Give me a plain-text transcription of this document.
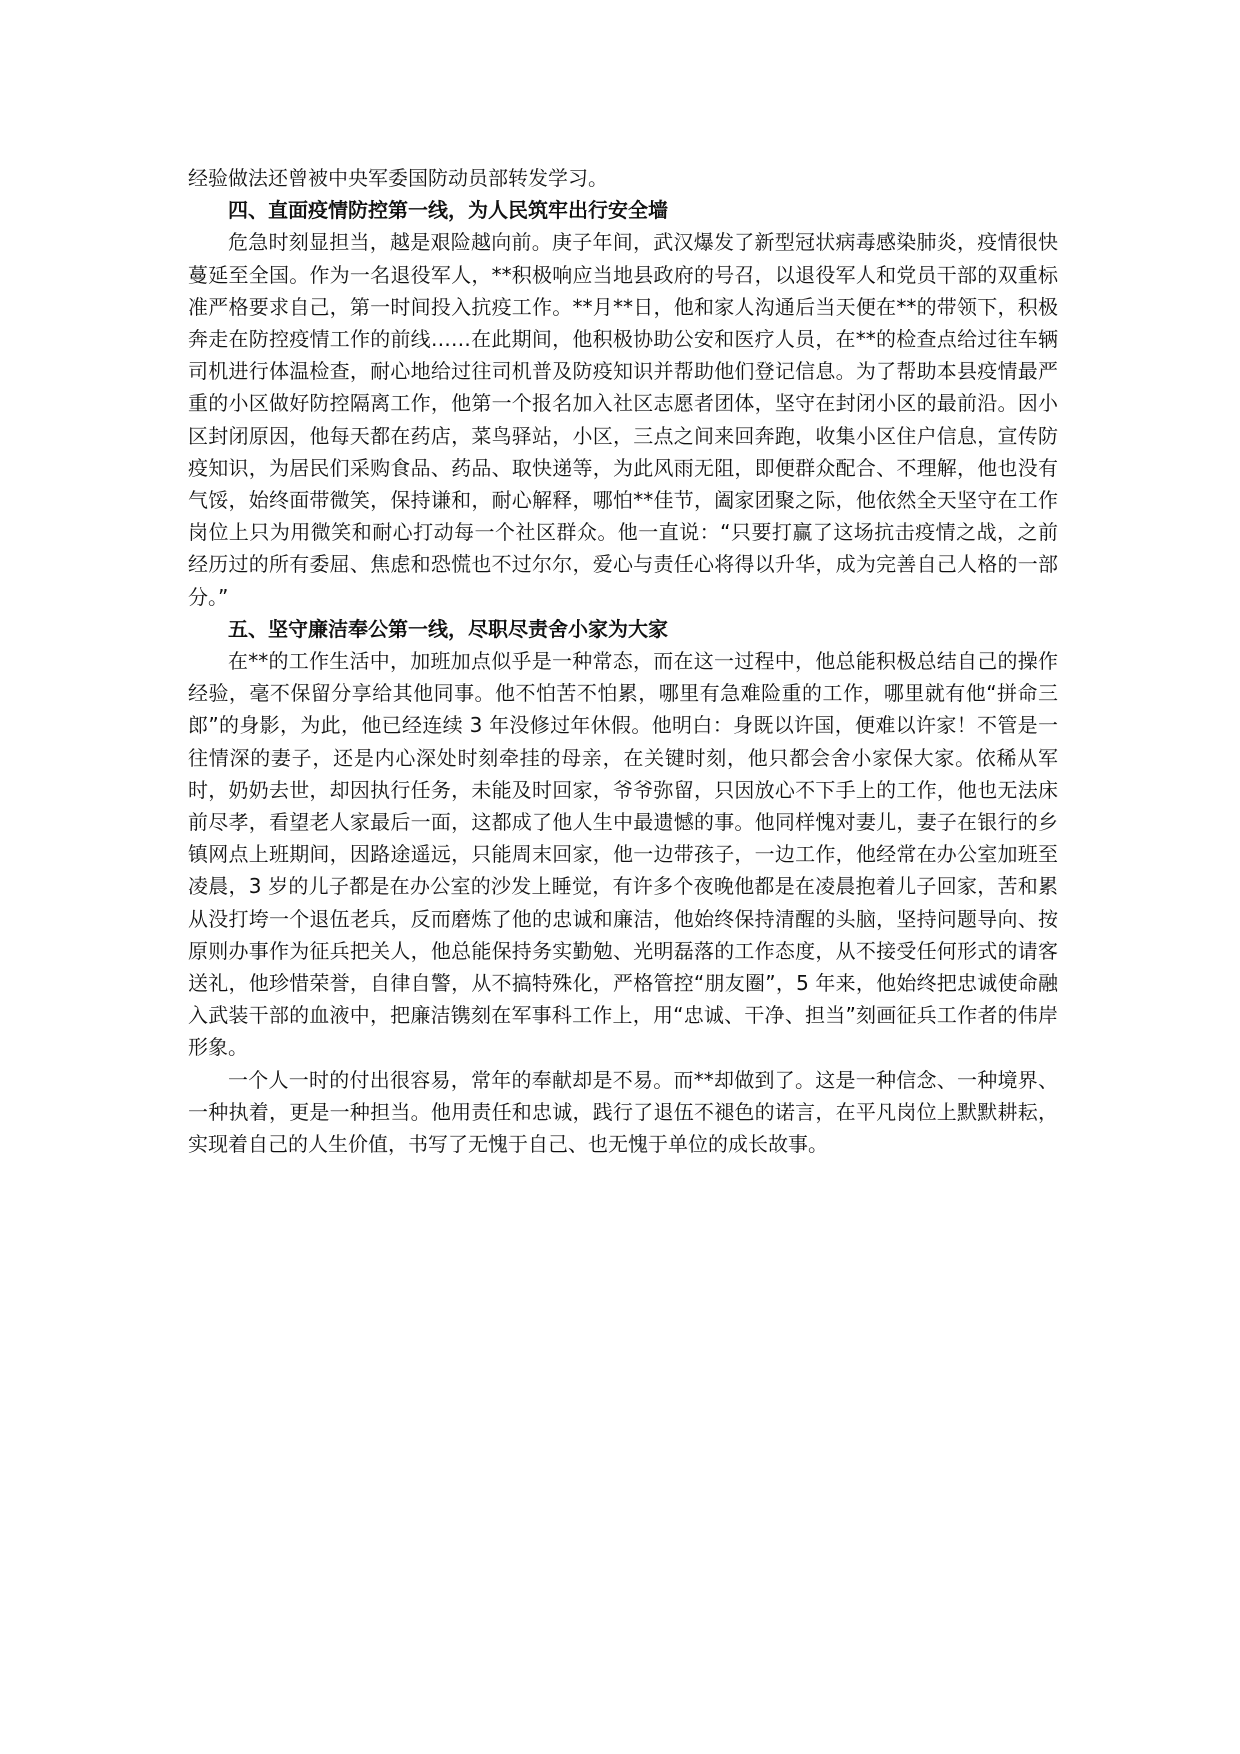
经验做法还曾被中央军委国防动员部转发学习。

四、直面疫情防控第一线，为人民筑牢出行安全墙

危急时刻显担当，越是艰险越向前。庚子年间，武汉爆发了新型冠状病毒感染肺炎，疫情很快蔓延至全国。作为一名退役军人，**积极响应当地县政府的号召，以退役军人和党员干部的双重标准严格要求自己，第一时间投入抗疫工作。**月**日，他和家人沟通后当天便在**的带领下，积极奔走在防控疫情工作的前线……在此期间，他积极协助公安和医疗人员，在**的检查点给过往车辆司机进行体温检查，耐心地给过往司机普及防疫知识并帮助他们登记信息。为了帮助本县疫情最严重的小区做好防控隔离工作，他第一个报名加入社区志愿者团体，坚守在封闭小区的最前沿。因小区封闭原因，他每天都在药店，菜鸟驿站，小区，三点之间来回奔跑，收集小区住户信息，宣传防疫知识，为居民们采购食品、药品、取快递等，为此风雨无阻，即便群众配合、不理解，他也没有气馁，始终面带微笑，保持谦和，耐心解释，哪怕**佳节，阖家团聚之际，他依然全天坚守在工作岗位上只为用微笑和耐心打动每一个社区群众。他一直说：“只要打赢了这场抗击疫情之战，之前经历过的所有委屈、焦虑和恐慌也不过尔尔，爱心与责任心将得以升华，成为完善自己人格的一部分。”

五、坚守廉洁奉公第一线，尽职尽责舍小家为大家

在**的工作生活中，加班加点似乎是一种常态，而在这一过程中，他总能积极总结自己的操作经验，毫不保留分享给其他同事。他不怕苦不怕累，哪里有急难险重的工作，哪里就有他“拼命三郎”的身影，为此，他已经连续 3 年没修过年休假。他明白：身既以许国，便难以许家！不管是一往情深的妻子，还是内心深处时刻牵挂的母亲，在关键时刻，他只都会舍小家保大家。依稀从军时，奶奶去世，却因执行任务，未能及时回家，爷爷弥留，只因放心不下手上的工作，他也无法床前尽孝，看望老人家最后一面，这都成了他人生中最遗憾的事。他同样愧对妻儿，妻子在银行的乡镇网点上班期间，因路途遥远，只能周末回家，他一边带孩子，一边工作，他经常在办公室加班至凌晨，3 岁的儿子都是在办公室的沙发上睡觉，有许多个夜晚他都是在凌晨抱着儿子回家，苦和累从没打垮一个退伍老兵，反而磨炼了他的忠诚和廉洁，他始终保持清醒的头脑，坚持问题导向、按原则办事作为征兵把关人，他总能保持务实勤勉、光明磊落的工作态度，从不接受任何形式的请客送礼，他珍惜荣誉，自律自警，从不搞特殊化，严格管控“朋友圈”，5 年来，他始终把忠诚使命融入武装干部的血液中，把廉洁镌刻在军事科工作上，用“忠诚、干净、担当”刻画征兵工作者的伟岸形象。

一个人一时的付出很容易，常年的奉献却是不易。而**却做到了。这是一种信念、一种境界、一种执着，更是一种担当。他用责任和忠诚，践行了退伍不褪色的诺言，在平凡岗位上默默耕耘，实现着自己的人生价值，书写了无愧于自己、也无愧于单位的成长故事。
